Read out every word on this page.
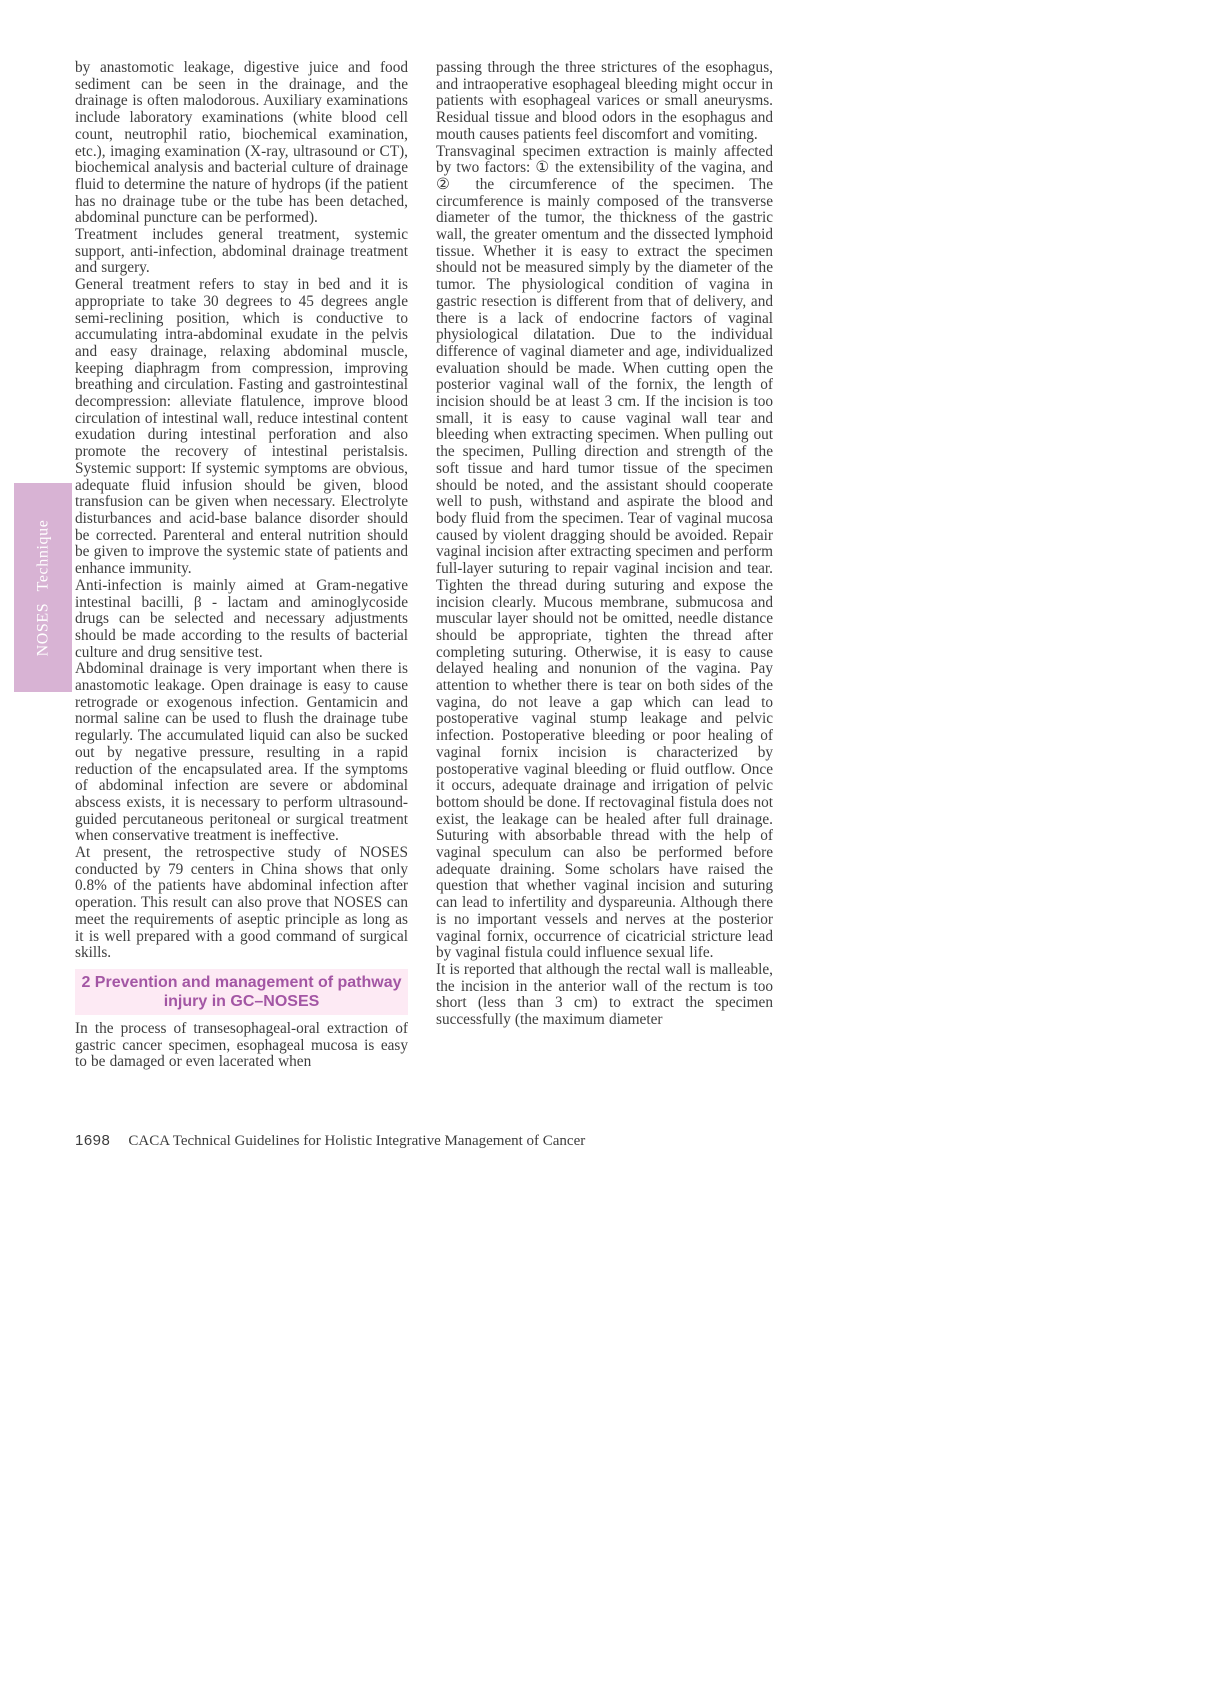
NOSES Technique

by anastomotic leakage, digestive juice and food sediment can be seen in the drainage, and the drainage is often malodorous. Auxiliary examinations include laboratory examinations (white blood cell count, neutrophil ratio, biochemical examination, etc.), imaging examination (X-ray, ultrasound or CT), biochemical analysis and bacterial culture of drainage fluid to determine the nature of hydrops (if the patient has no drainage tube or the tube has been detached, abdominal puncture can be performed).

Treatment includes general treatment, systemic support, anti-infection, abdominal drainage treatment and surgery.

General treatment refers to stay in bed and it is appropriate to take 30 degrees to 45 degrees angle semi-reclining position, which is conductive to accumulating intra-abdominal exudate in the pelvis and easy drainage, relaxing abdominal muscle, keeping diaphragm from compression, improving breathing and circulation. Fasting and gastrointestinal decompression: alleviate flatulence, improve blood circulation of intestinal wall, reduce intestinal content exudation during intestinal perforation and also promote the recovery of intestinal peristalsis. Systemic support: If systemic symptoms are obvious, adequate fluid infusion should be given, blood transfusion can be given when necessary. Electrolyte disturbances and acid-base balance disorder should be corrected. Parenteral and enteral nutrition should be given to improve the systemic state of patients and enhance immunity.

Anti-infection is mainly aimed at Gram-negative intestinal bacilli, β - lactam and aminoglycoside drugs can be selected and necessary adjustments should be made according to the results of bacterial culture and drug sensitive test.

Abdominal drainage is very important when there is anastomotic leakage. Open drainage is easy to cause retrograde or exogenous infection. Gentamicin and normal saline can be used to flush the drainage tube regularly. The accumulated liquid can also be sucked out by negative pressure, resulting in a rapid reduction of the encapsulated area. If the symptoms of abdominal infection are severe or abdominal abscess exists, it is necessary to perform ultrasound-guided percutaneous peritoneal or surgical treatment when conservative treatment is ineffective.

At present, the retrospective study of NOSES conducted by 79 centers in China shows that only 0.8% of the patients have abdominal infection after operation. This result can also prove that NOSES can meet the requirements of aseptic principle as long as it is well prepared with a good command of surgical skills.

2 Prevention and management of pathway injury in GC–NOSES

In the process of transesophageal-oral extraction of gastric cancer specimen, esophageal mucosa is easy to be damaged or even lacerated when

passing through the three strictures of the esophagus, and intraoperative esophageal bleeding might occur in patients with esophageal varices or small aneurysms. Residual tissue and blood odors in the esophagus and mouth causes patients feel discomfort and vomiting.

Transvaginal specimen extraction is mainly affected by two factors: ① the extensibility of the vagina, and ② the circumference of the specimen. The circumference is mainly composed of the transverse diameter of the tumor, the thickness of the gastric wall, the greater omentum and the dissected lymphoid tissue. Whether it is easy to extract the specimen should not be measured simply by the diameter of the tumor. The physiological condition of vagina in gastric resection is different from that of delivery, and there is a lack of endocrine factors of vaginal physiological dilatation. Due to the individual difference of vaginal diameter and age, individualized evaluation should be made. When cutting open the posterior vaginal wall of the fornix, the length of incision should be at least 3 cm. If the incision is too small, it is easy to cause vaginal wall tear and bleeding when extracting specimen. When pulling out the specimen, Pulling direction and strength of the soft tissue and hard tumor tissue of the specimen should be noted, and the assistant should cooperate well to push, withstand and aspirate the blood and body fluid from the specimen. Tear of vaginal mucosa caused by violent dragging should be avoided. Repair vaginal incision after extracting specimen and perform full-layer suturing to repair vaginal incision and tear. Tighten the thread during suturing and expose the incision clearly. Mucous membrane, submucosa and muscular layer should not be omitted, needle distance should be appropriate, tighten the thread after completing suturing. Otherwise, it is easy to cause delayed healing and nonunion of the vagina. Pay attention to whether there is tear on both sides of the vagina, do not leave a gap which can lead to postoperative vaginal stump leakage and pelvic infection. Postoperative bleeding or poor healing of vaginal fornix incision is characterized by postoperative vaginal bleeding or fluid outflow. Once it occurs, adequate drainage and irrigation of pelvic bottom should be done. If rectovaginal fistula does not exist, the leakage can be healed after full drainage. Suturing with absorbable thread with the help of vaginal speculum can also be performed before adequate draining. Some scholars have raised the question that whether vaginal incision and suturing can lead to infertility and dyspareunia. Although there is no important vessels and nerves at the posterior vaginal fornix, occurrence of cicatricial stricture lead by vaginal fistula could influence sexual life.

It is reported that although the rectal wall is malleable, the incision in the anterior wall of the rectum is too short (less than 3 cm) to extract the specimen successfully (the maximum diameter

1698 CACA Technical Guidelines for Holistic Integrative Management of Cancer
